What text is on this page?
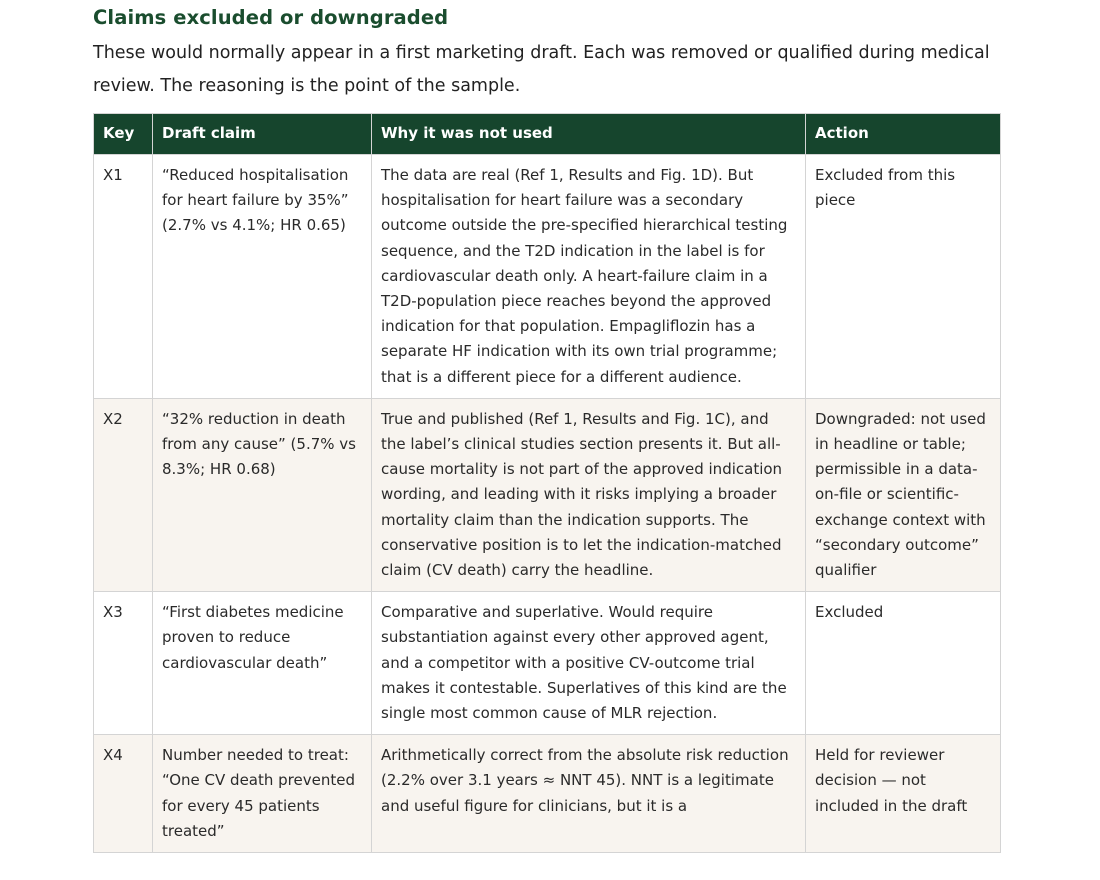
Claims excluded or downgraded

These would normally appear in a first marketing draft. Each was removed or qualified during medical review. The reasoning is the point of the sample.

Key	Draft claim	Why it was not used	Action
X1	“Reduced hospitalisation for heart failure by 35%” (2.7% vs 4.1%; HR 0.65)	The data are real (Ref 1, Results and Fig. 1D). But hospitalisation for heart failure was a secondary outcome outside the pre-specified hierarchical testing sequence, and the T2D indication in the label is for cardiovascular death only. A heart-failure claim in a T2D-population piece reaches beyond the approved indication for that population. Empagliflozin has a separate HF indication with its own trial programme; that is a different piece for a different audience.	Excluded from this piece
X2	“32% reduction in death from any cause” (5.7% vs 8.3%; HR 0.68)	True and published (Ref 1, Results and Fig. 1C), and the label’s clinical studies section presents it. But all-cause mortality is not part of the approved indication wording, and leading with it risks implying a broader mortality claim than the indication supports. The conservative position is to let the indication-matched claim (CV death) carry the headline.	Downgraded: not used in headline or table; permissible in a data-on-file or scientific-exchange context with “secondary outcome” qualifier
X3	“First diabetes medicine proven to reduce cardiovascular death”	Comparative and superlative. Would require substantiation against every other approved agent, and a competitor with a positive CV-outcome trial makes it contestable. Superlatives of this kind are the single most common cause of MLR rejection.	Excluded
X4	Number needed to treat: “One CV death prevented for every 45 patients treated”	Arithmetically correct from the absolute risk reduction (2.2% over 3.1 years ≈ NNT 45). NNT is a legitimate and useful figure for clinicians, but it is a	Held for reviewer decision — not included in the draft
